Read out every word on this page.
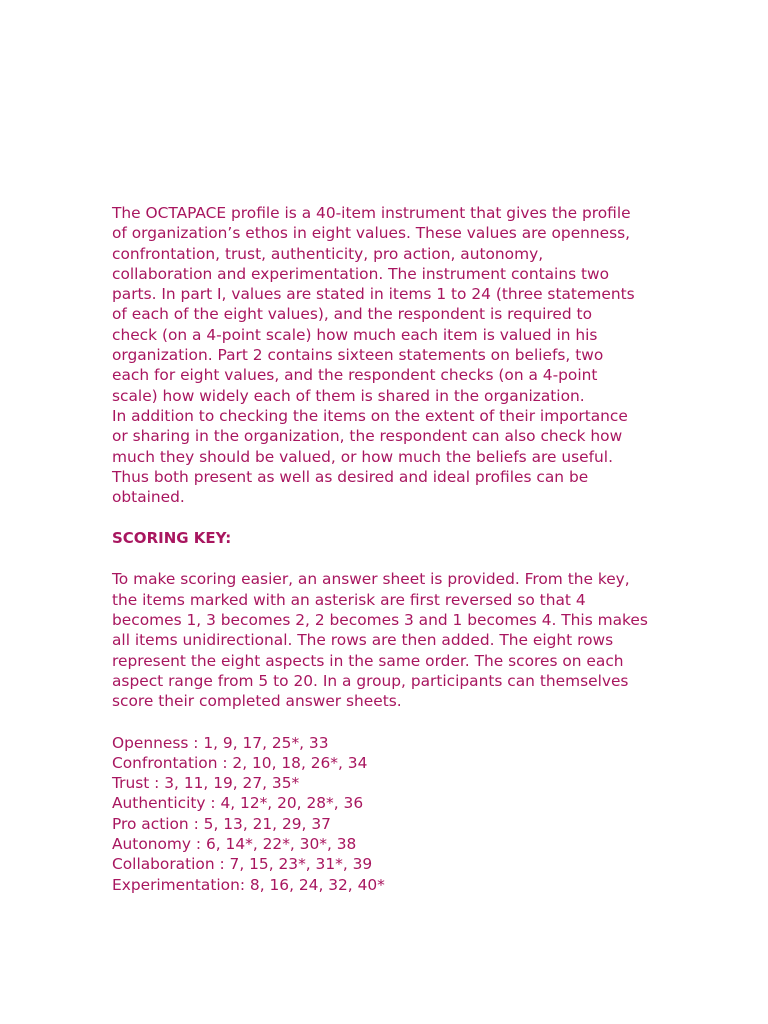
The OCTAPACE profile is a 40-item instrument that gives the profile
of organization’s ethos in eight values. These values are openness,
confrontation, trust, authenticity, pro action, autonomy,
collaboration and experimentation. The instrument contains two
parts. In part I, values are stated in items 1 to 24 (three statements
of each of the eight values), and the respondent is required to
check (on a 4-point scale) how much each item is valued in his
organization. Part 2 contains sixteen statements on beliefs, two
each for eight values, and the respondent checks (on a 4-point
scale) how widely each of them is shared in the organization.
In addition to checking the items on the extent of their importance
or sharing in the organization, the respondent can also check how
much they should be valued, or how much the beliefs are useful.
Thus both present as well as desired and ideal profiles can be
obtained.

SCORING KEY:

To make scoring easier, an answer sheet is provided. From the key,
the items marked with an asterisk are first reversed so that 4
becomes 1, 3 becomes 2, 2 becomes 3 and 1 becomes 4. This makes
all items unidirectional. The rows are then added. The eight rows
represent the eight aspects in the same order. The scores on each
aspect range from 5 to 20. In a group, participants can themselves
score their completed answer sheets.

Openness : 1, 9, 17, 25*, 33
Confrontation : 2, 10, 18, 26*, 34
Trust : 3, 11, 19, 27, 35*
Authenticity : 4, 12*, 20, 28*, 36
Pro action : 5, 13, 21, 29, 37
Autonomy : 6, 14*, 22*, 30*, 38
Collaboration : 7, 15, 23*, 31*, 39
Experimentation: 8, 16, 24, 32, 40*
